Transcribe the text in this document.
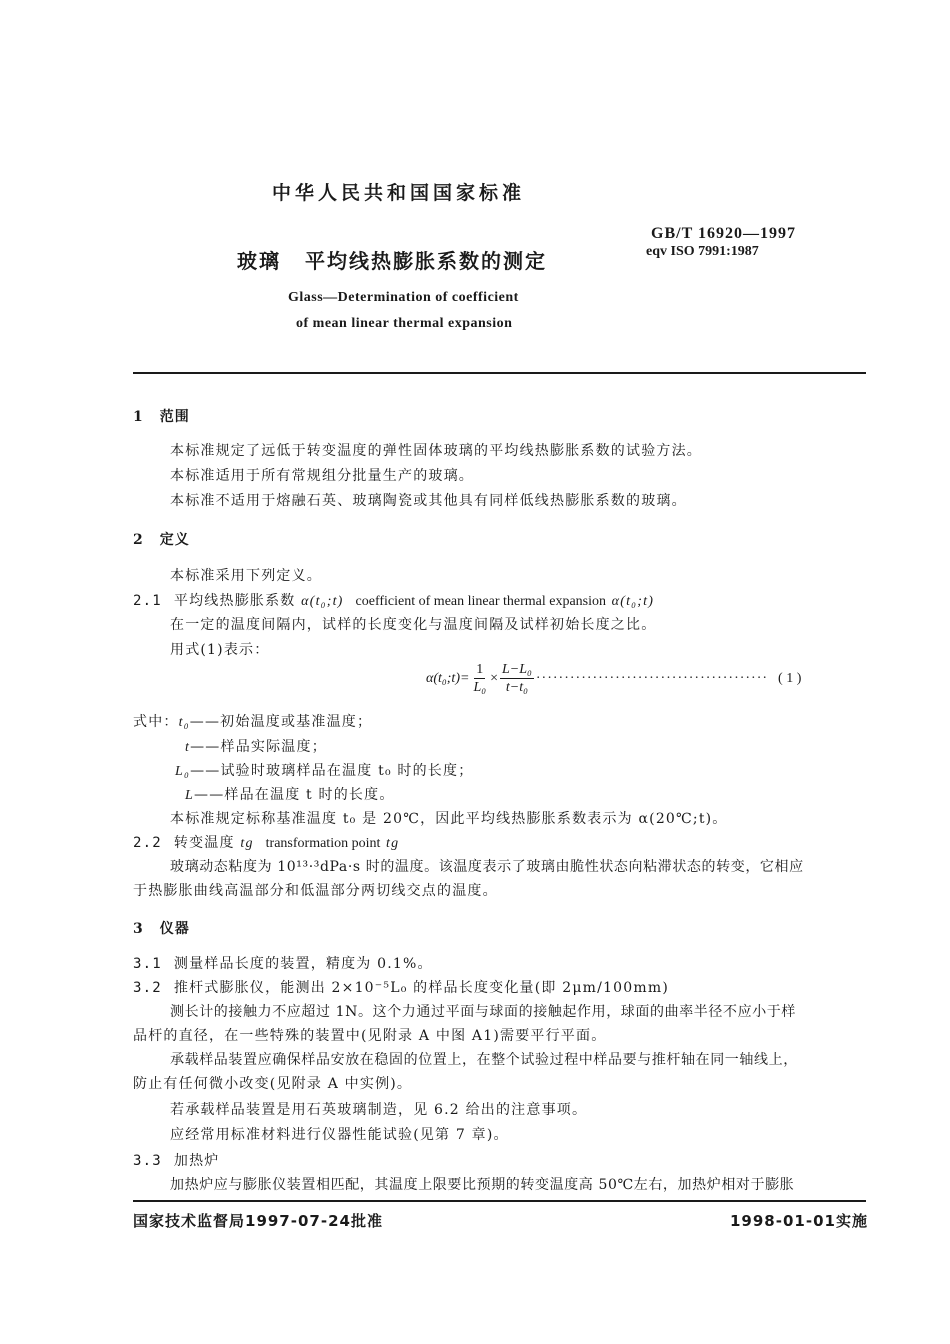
中华人民共和国国家标准
GB/T 16920—1997
eqv ISO 7991:1987
玻璃 平均线热膨胀系数的测定
Glass—Determination of coefficient
of mean linear thermal expansion
1 范围
本标准规定了远低于转变温度的弹性固体玻璃的平均线热膨胀系数的试验方法。
本标准适用于所有常规组分批量生产的玻璃。
本标准不适用于熔融石英、玻璃陶瓷或其他具有同样低线热膨胀系数的玻璃。
2 定义
本标准采用下列定义。
2.1 平均线热膨胀系数 α(t₀;t) coefficient of mean linear thermal expansion α(t₀;t)
在一定的温度间隔内，试样的长度变化与温度间隔及试样初始长度之比。
用式(1)表示：
α(t₀;t)= $\frac{1}{\text{L₀}} \times \frac{\text{L−L₀}}{\text{t−t₀}}$ ········································· ( 1 )
式中：t₀——初始温度或基准温度；
t——样品实际温度；
L₀——试验时玻璃样品在温度 t₀ 时的长度；
L——样品在温度 t 时的长度。
本标准规定标称基准温度 t₀ 是 20℃，因此平均线热膨胀系数表示为 α(20℃;t)。
2.2 转变温度 tg transformation point tg
玻璃动态粘度为 10¹³·³dPa·s 时的温度。该温度表示了玻璃由脆性状态向粘滞状态的转变，它相应
于热膨胀曲线高温部分和低温部分两切线交点的温度。
3 仪器
3.1 测量样品长度的装置，精度为 0.1%。
3.2 推杆式膨胀仪，能测出 2×10⁻⁵L₀ 的样品长度变化量(即 2μm/100mm)
测长计的接触力不应超过 1N。这个力通过平面与球面的接触起作用，球面的曲率半径不应小于样
品杆的直径，在一些特殊的装置中(见附录 A 中图 A1)需要平行平面。
承载样品装置应确保样品安放在稳固的位置上，在整个试验过程中样品要与推杆轴在同一轴线上，
防止有任何微小改变(见附录 A 中实例)。
若承载样品装置是用石英玻璃制造，见 6.2 给出的注意事项。
应经常用标准材料进行仪器性能试验(见第 7 章)。
3.3 加热炉
加热炉应与膨胀仪装置相匹配，其温度上限要比预期的转变温度高 50℃左右，加热炉相对于膨胀
国家技术监督局1997-07-24批准	1998-01-01实施
